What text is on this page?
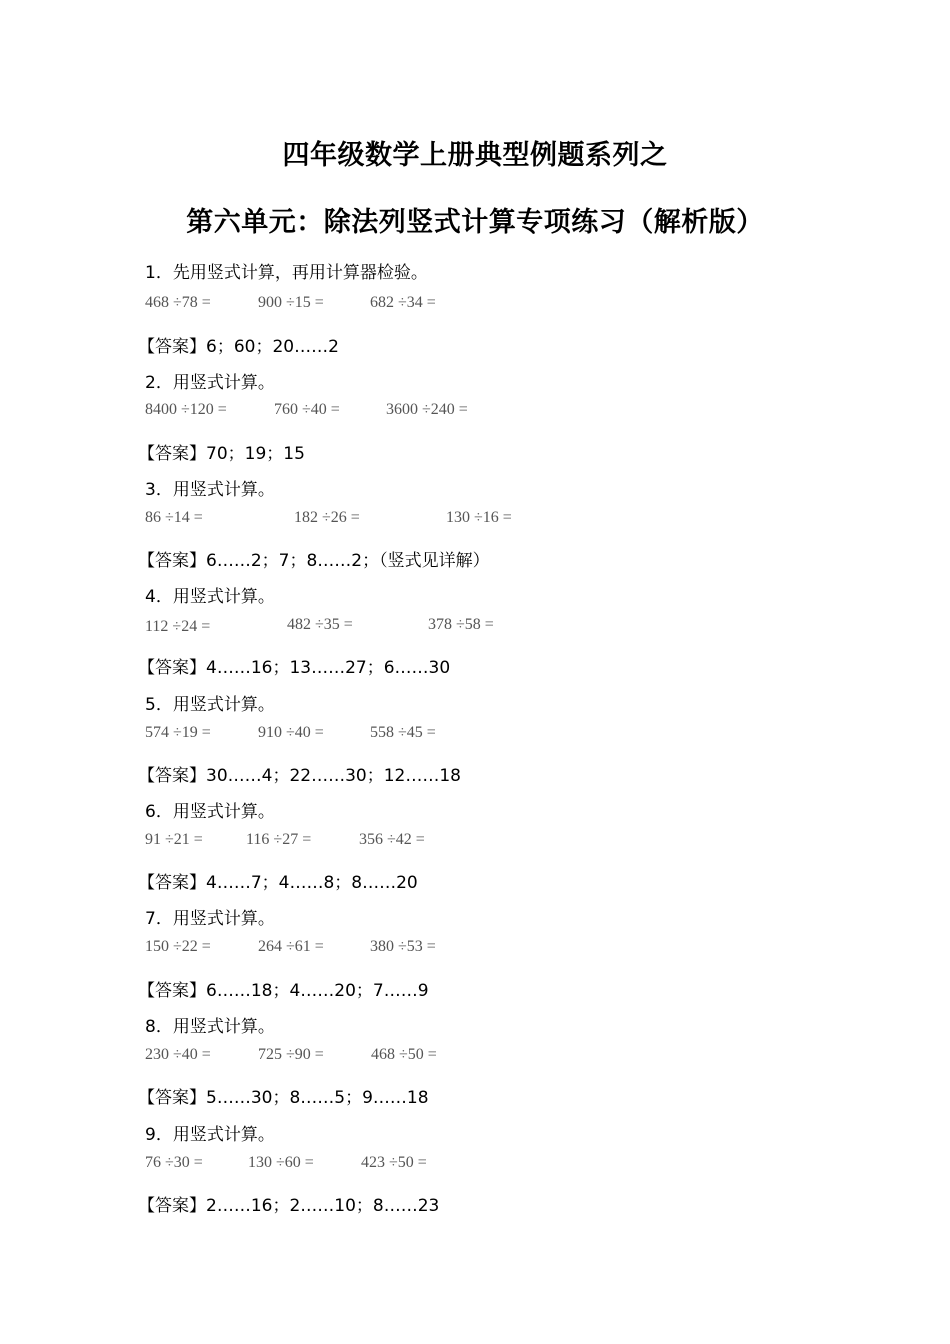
四年级数学上册典型例题系列之
第六单元：除法列竖式计算专项练习（解析版）
1．先用竖式计算，再用计算器检验。
468 ÷78 =	900 ÷15 =	682 ÷34 =
【答案】6；60；20……2
2．用竖式计算。
8400 ÷120 =	760 ÷40 =	3600 ÷240 =
【答案】70；19；15
3．用竖式计算。
86 ÷14 =	182 ÷26 =	130 ÷16 =
【答案】6……2；7；8……2；（竖式见详解）
4．用竖式计算。
112 ÷24 =	482 ÷35 =	378 ÷58 =
【答案】4……16；13……27；6……30
5．用竖式计算。
574 ÷19 =	910 ÷40 =	558 ÷45 =
【答案】30……4；22……30；12……18
6．用竖式计算。
91 ÷21 =	116 ÷27 =	356 ÷42 =
【答案】4……7；4……8；8……20
7．用竖式计算。
150 ÷22 =	264 ÷61 =	380 ÷53 =
【答案】6……18；4……20；7……9
8．用竖式计算。
230 ÷40 =	725 ÷90 =	468 ÷50 =
【答案】5……30；8……5；9……18
9．用竖式计算。
76 ÷30 =	130 ÷60 =	423 ÷50 =
【答案】2……16；2……10；8……23
